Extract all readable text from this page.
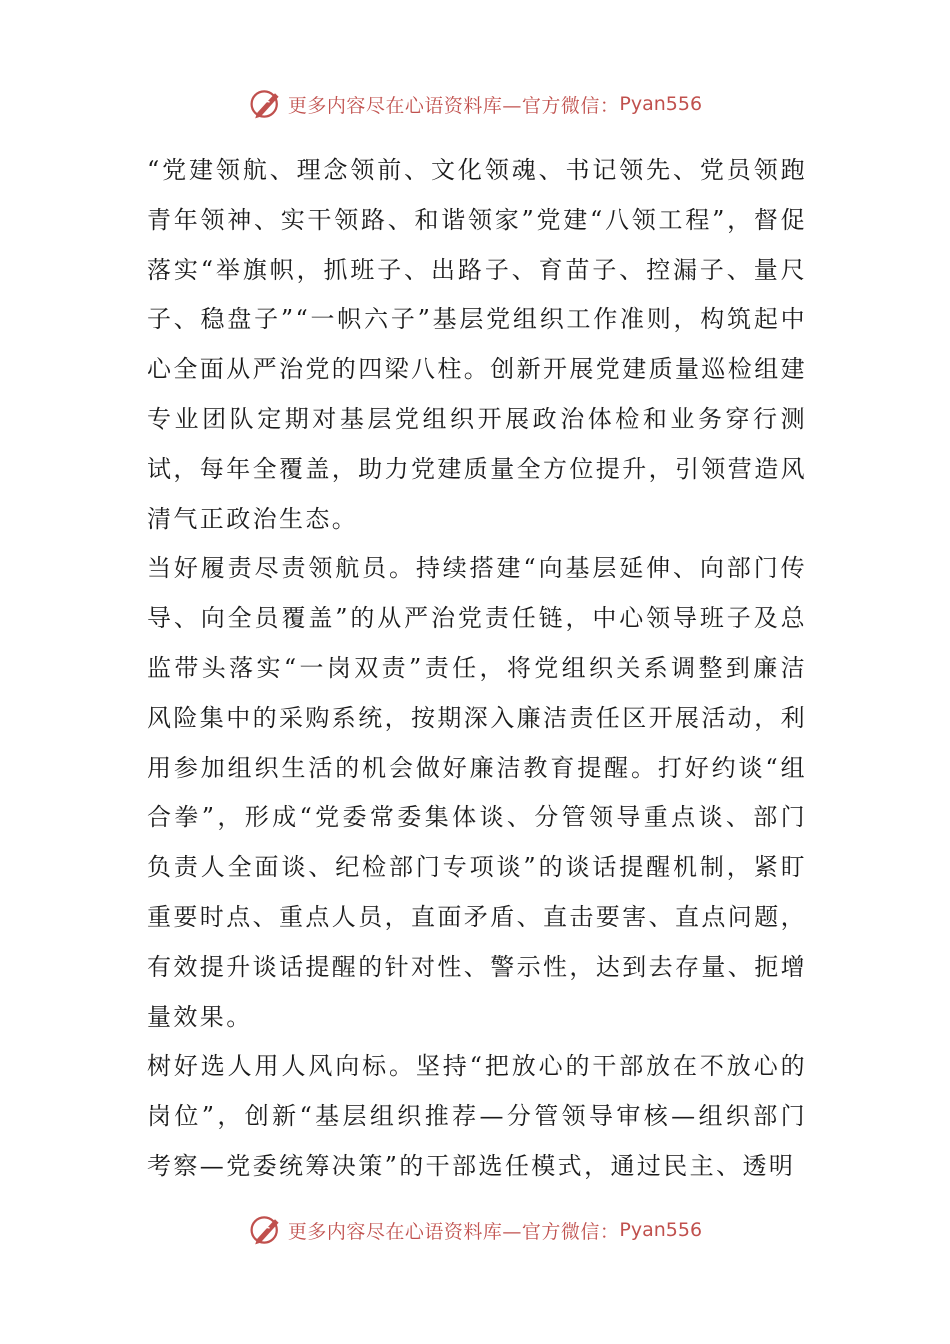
更多内容尽在心语资料库—官方微信： Pyan556

“党建领航、理念领前、文化领魂、书记领先、党员领跑青年领神、实干领路、和谐领家”党建“八领工程”，督促落实“举旗帜，抓班子、出路子、育苗子、控漏子、量尺子、稳盘子”“一帜六子”基层党组织工作准则，构筑起中心全面从严治党的四梁八柱。创新开展党建质量巡检组建专业团队定期对基层党组织开展政治体检和业务穿行测试，每年全覆盖，助力党建质量全方位提升，引领营造风清气正政治生态。

当好履责尽责领航员。持续搭建“向基层延伸、向部门传导、向全员覆盖”的从严治党责任链，中心领导班子及总监带头落实“一岗双责”责任，将党组织关系调整到廉洁风险集中的采购系统，按期深入廉洁责任区开展活动，利用参加组织生活的机会做好廉洁教育提醒。打好约谈“组合拳”，形成“党委常委集体谈、分管领导重点谈、部门负责人全面谈、纪检部门专项谈”的谈话提醒机制，紧盯重要时点、重点人员，直面矛盾、直击要害、直点问题，有效提升谈话提醒的针对性、警示性，达到去存量、扼增量效果。

树好选人用人风向标。坚持“把放心的干部放在不放心的岗位”，创新“基层组织推荐—分管领导审核—组织部门考察—党委统筹决策”的干部选任模式，通过民主、透明

更多内容尽在心语资料库—官方微信： Pyan556
